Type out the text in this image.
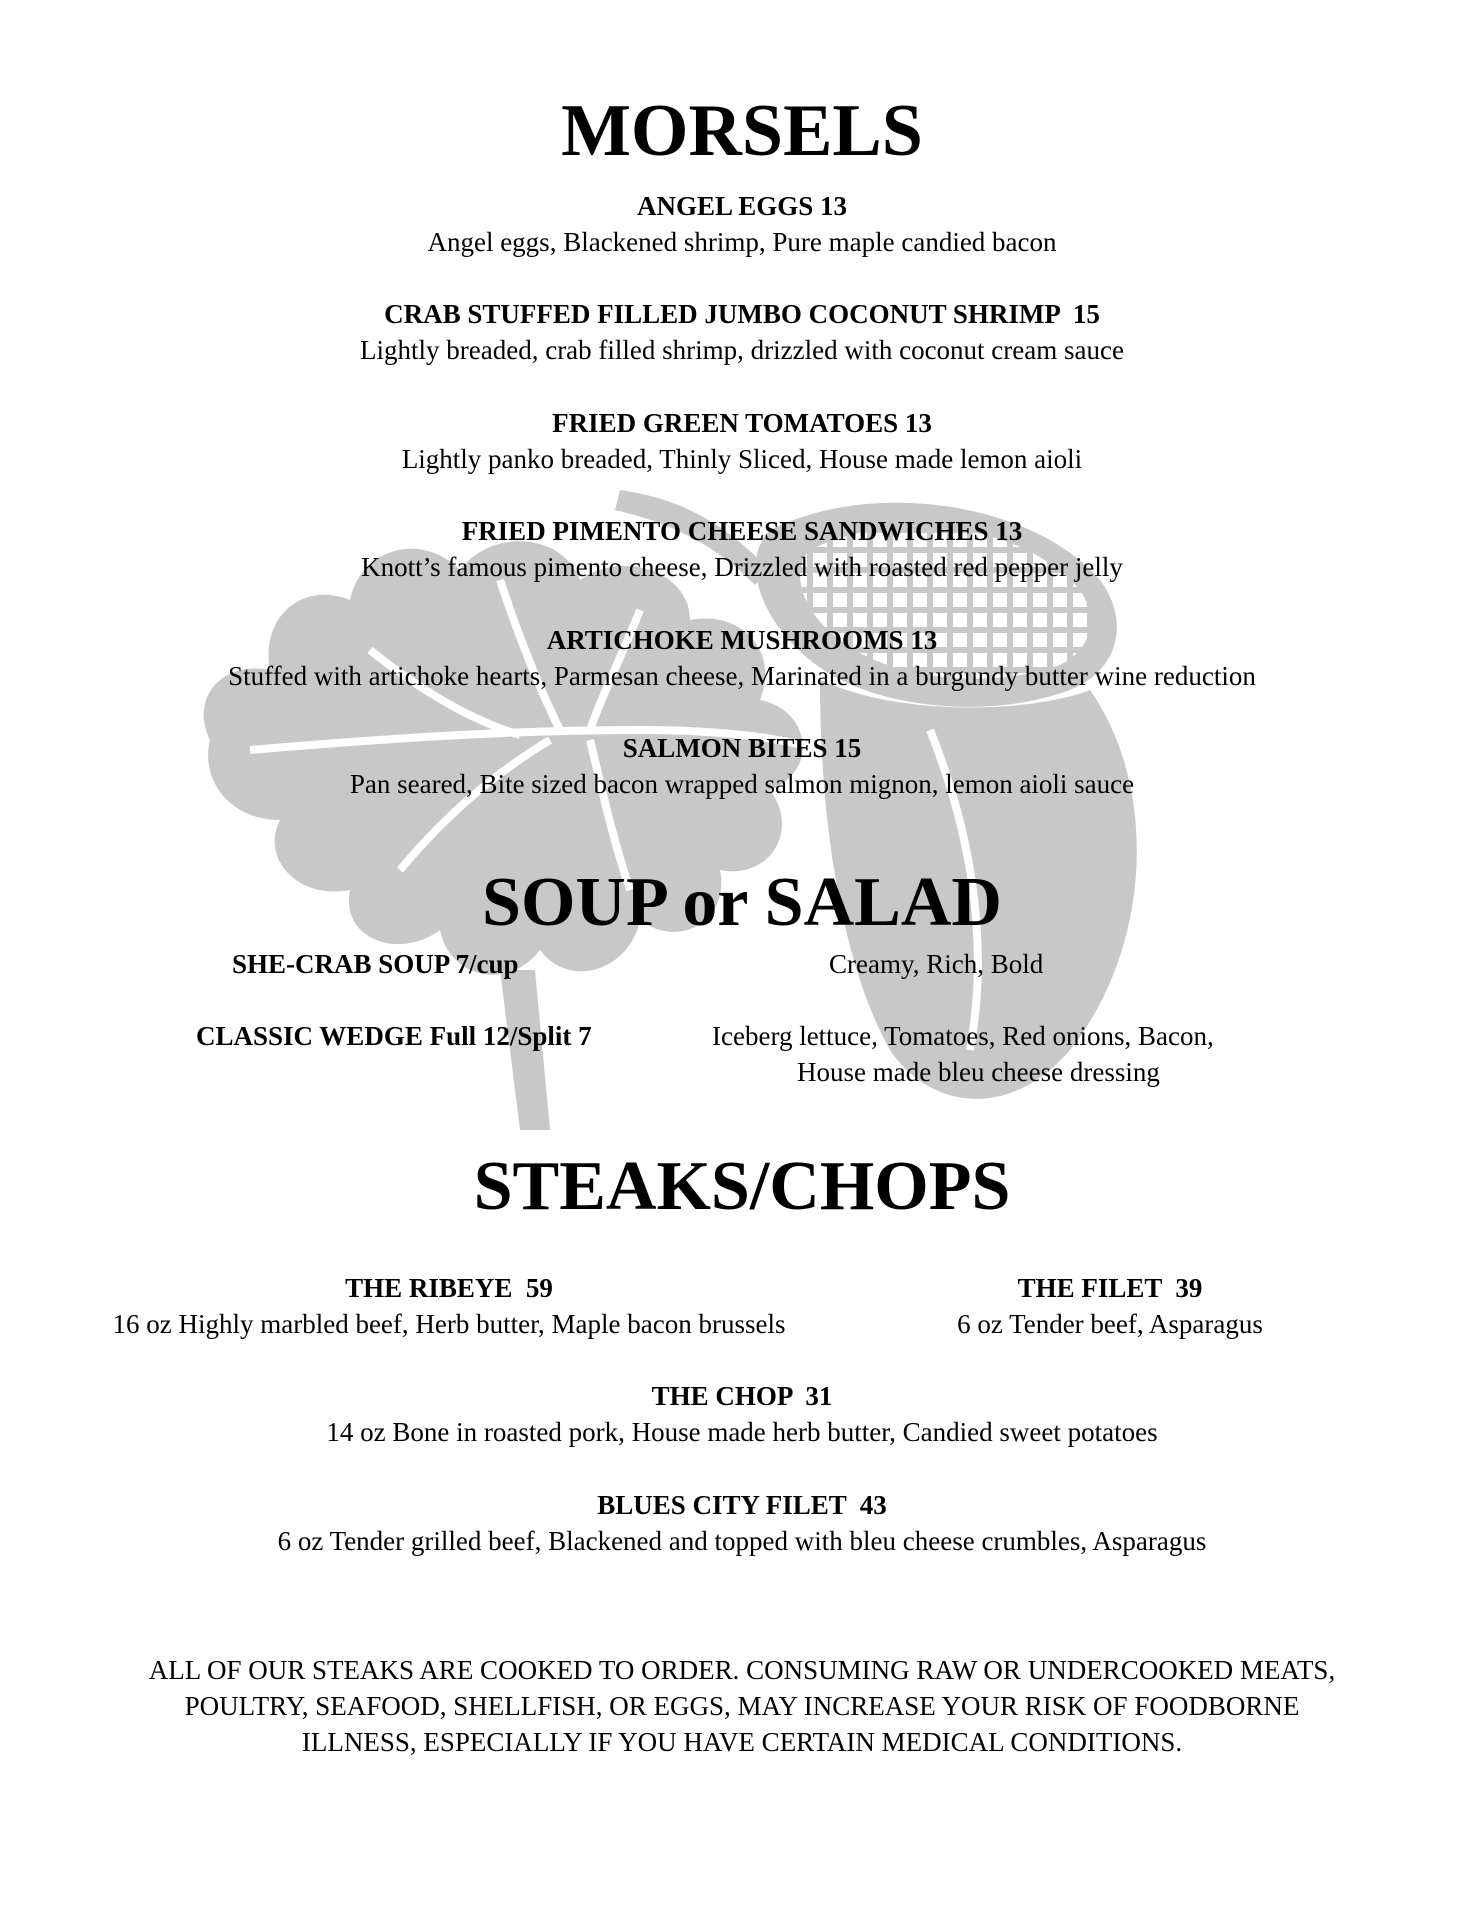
MORSELS
ANGEL EGGS 13
Angel eggs, Blackened shrimp, Pure maple candied bacon
CRAB STUFFED FILLED JUMBO COCONUT SHRIMP  15
Lightly breaded, crab filled shrimp, drizzled with coconut cream sauce
FRIED GREEN TOMATOES 13
Lightly panko breaded, Thinly Sliced, House made lemon aioli
FRIED PIMENTO CHEESE SANDWICHES 13
Knott’s famous pimento cheese, Drizzled with roasted red pepper jelly
ARTICHOKE MUSHROOMS 13
Stuffed with artichoke hearts, Parmesan cheese, Marinated in a burgundy butter wine reduction
SALMON BITES 15
Pan seared, Bite sized bacon wrapped salmon mignon, lemon aioli sauce
SOUP or SALAD
SHE-CRAB SOUP 7/cup	Creamy, Rich, Bold
CLASSIC WEDGE Full 12/Split 7	Iceberg lettuce, Tomatoes, Red onions, Bacon,
House made bleu cheese dressing
STEAKS/CHOPS
THE RIBEYE  59
16 oz Highly marbled beef, Herb butter, Maple bacon brussels
THE FILET  39
6 oz Tender beef, Asparagus
THE CHOP  31
14 oz Bone in roasted pork, House made herb butter, Candied sweet potatoes
BLUES CITY FILET  43
6 oz Tender grilled beef, Blackened and topped with bleu cheese crumbles, Asparagus
ALL OF OUR STEAKS ARE COOKED TO ORDER. CONSUMING RAW OR UNDERCOOKED MEATS,
POULTRY, SEAFOOD, SHELLFISH, OR EGGS, MAY INCREASE YOUR RISK OF FOODBORNE
ILLNESS, ESPECIALLY IF YOU HAVE CERTAIN MEDICAL CONDITIONS.
